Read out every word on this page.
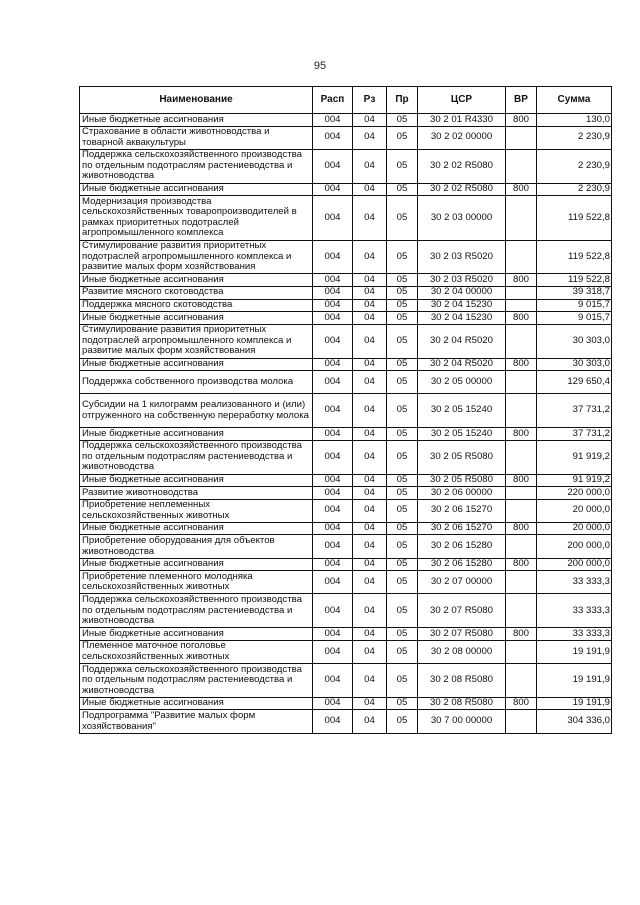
95
Наименование	Расп	Рз	Пр	ЦСР	ВР	Сумма
Иные бюджетные ассигнования	004	04	05	30 2 01 R4330	800	130,0
Страхование в области животноводства и товарной аквакультуры	004	04	05	30 2 02 00000		2 230,9
Поддержка сельскохозяйственного производства по отдельным подотраслям растениеводства и животноводства	004	04	05	30 2 02 R5080		2 230,9
Иные бюджетные ассигнования	004	04	05	30 2 02 R5080	800	2 230,9
Модернизация производства сельскохозяйственных товаропроизводителей в рамках приоритетных подотраслей агропромышленного комплекса	004	04	05	30 2 03 00000		119 522,8
Стимулирование развития приоритетных подотраслей агропромышленного комплекса и развитие малых форм хозяйствования	004	04	05	30 2 03 R5020		119 522,8
Иные бюджетные ассигнования	004	04	05	30 2 03 R5020	800	119 522,8
Развитие мясного скотоводства	004	04	05	30 2 04 00000		39 318,7
Поддержка мясного скотоводства	004	04	05	30 2 04 15230		9 015,7
Иные бюджетные ассигнования	004	04	05	30 2 04 15230	800	9 015,7
Стимулирование развития приоритетных подотраслей агропромышленного комплекса и развитие малых форм хозяйствования	004	04	05	30 2 04 R5020		30 303,0
Иные бюджетные ассигнования	004	04	05	30 2 04 R5020	800	30 303,0
Поддержка собственного производства молока	004	04	05	30 2 05 00000		129 650,4
Субсидии на 1 килограмм реализованного и (или) отгруженного на собственную переработку молока	004	04	05	30 2 05 15240		37 731,2
Иные бюджетные ассигнования	004	04	05	30 2 05 15240	800	37 731,2
Поддержка сельскохозяйственного производства по отдельным подотраслям растениеводства и животноводства	004	04	05	30 2 05 R5080		91 919,2
Иные бюджетные ассигнования	004	04	05	30 2 05 R5080	800	91 919,2
Развитие животноводства	004	04	05	30 2 06 00000		220 000,0
Приобретение неплеменных сельскохозяйственных животных	004	04	05	30 2 06 15270		20 000,0
Иные бюджетные ассигнования	004	04	05	30 2 06 15270	800	20 000,0
Приобретение оборудования для объектов животноводства	004	04	05	30 2 06 15280		200 000,0
Иные бюджетные ассигнования	004	04	05	30 2 06 15280	800	200 000,0
Приобретение племенного молодняка сельскохозяйственных животных	004	04	05	30 2 07 00000		33 333,3
Поддержка сельскохозяйственного производства по отдельным подотраслям растениеводства и животноводства	004	04	05	30 2 07 R5080		33 333,3
Иные бюджетные ассигнования	004	04	05	30 2 07 R5080	800	33 333,3
Племенное маточное поголовье сельскохозяйственных животных	004	04	05	30 2 08 00000		19 191,9
Поддержка сельскохозяйственного производства по отдельным подотраслям растениеводства и животноводства	004	04	05	30 2 08 R5080		19 191,9
Иные бюджетные ассигнования	004	04	05	30 2 08 R5080	800	19 191,9
Подпрограмма "Развитие малых форм хозяйствования"	004	04	05	30 7 00 00000		304 336,0
